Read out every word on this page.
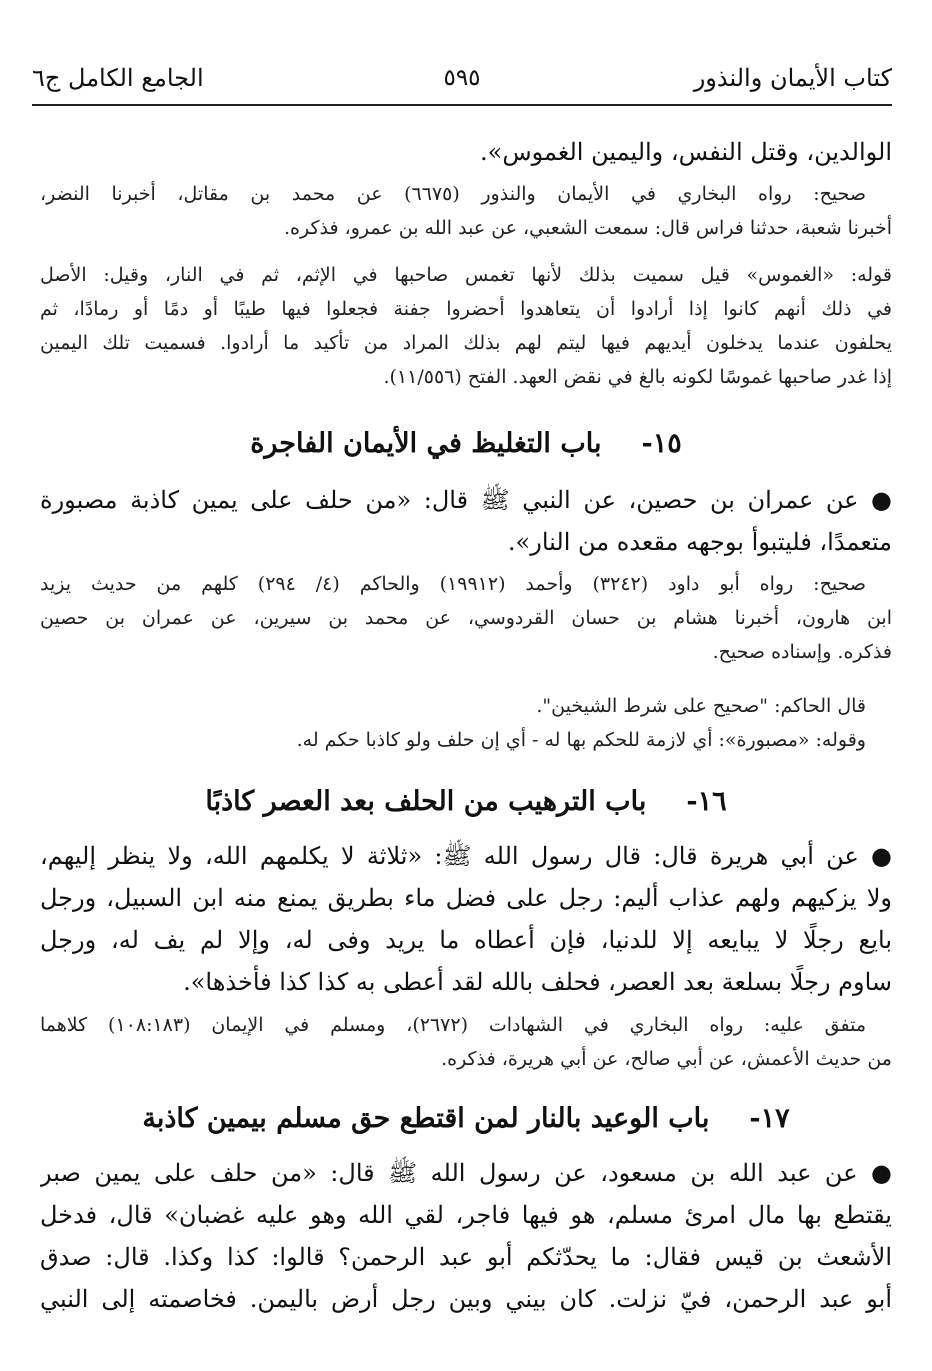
كتاب الأيمان والنذور
٥٩٥
الجامع الكامل ج٦
الوالدين، وقتل النفس، واليمين الغموس».
صحيح: رواه البخاري في الأيمان والنذور (٦٦٧٥) عن محمد بن مقاتل، أخبرنا النضر،
أخبرنا شعبة، حدثنا فراس قال: سمعت الشعبي، عن عبد الله بن عمرو، فذكره.
قوله: «الغموس» قيل سميت بذلك لأنها تغمس صاحبها في الإثم، ثم في النار، وقيل: الأصل
في ذلك أنهم كانوا إذا أرادوا أن يتعاهدوا أحضروا جفنة فجعلوا فيها طيبًا أو دمًا أو رمادًا، ثم
يحلفون عندما يدخلون أيديهم فيها ليتم لهم بذلك المراد من تأكيد ما أرادوا. فسميت تلك اليمين
إذا غدر صاحبها غموسًا لكونه بالغ في نقض العهد. الفتح (١١/٥٥٦).
١٥-باب التغليظ في الأيمان الفاجرة
● عن عمران بن حصين، عن النبي ﷺ قال: «من حلف على يمين كاذبة مصبورة
متعمدًا، فليتبوأ بوجهه مقعده من النار».
صحيح: رواه أبو داود (٣٢٤٢) وأحمد (١٩٩١٢) والحاكم (٤/ ٢٩٤) كلهم من حديث يزيد
ابن هارون، أخبرنا هشام بن حسان القردوسي، عن محمد بن سيرين، عن عمران بن حصين
فذكره. وإسناده صحيح.
قال الحاكم: "صحيح على شرط الشيخين".
وقوله: «مصبورة»: أي لازمة للحكم بها له - أي إن حلف ولو كاذبا حكم له.
١٦-باب الترهيب من الحلف بعد العصر كاذبًا
● عن أبي هريرة قال: قال رسول الله ﷺ: «ثلاثة لا يكلمهم الله، ولا ينظر إليهم،
ولا يزكيهم ولهم عذاب أليم: رجل على فضل ماء بطريق يمنع منه ابن السبيل، ورجل
بايع رجلًا لا يبايعه إلا للدنيا، فإن أعطاه ما يريد وفى له، وإلا لم يف له، ورجل
ساوم رجلًا بسلعة بعد العصر، فحلف بالله لقد أعطى به كذا كذا فأخذها».
متفق عليه: رواه البخاري في الشهادات (٢٦٧٢)، ومسلم في الإيمان (١٠٨:١٨٣) كلاهما
من حديث الأعمش، عن أبي صالح، عن أبي هريرة، فذكره.
١٧-باب الوعيد بالنار لمن اقتطع حق مسلم بيمين كاذبة
● عن عبد الله بن مسعود، عن رسول الله ﷺ قال: «من حلف على يمين صبر
يقتطع بها مال امرئ مسلم، هو فيها فاجر، لقي الله وهو عليه غضبان» قال، فدخل
الأشعث بن قيس فقال: ما يحدّثكم أبو عبد الرحمن؟ قالوا: كذا وكذا. قال: صدق
أبو عبد الرحمن، فيّ نزلت. كان بيني وبين رجل أرض باليمن. فخاصمته إلى النبي
